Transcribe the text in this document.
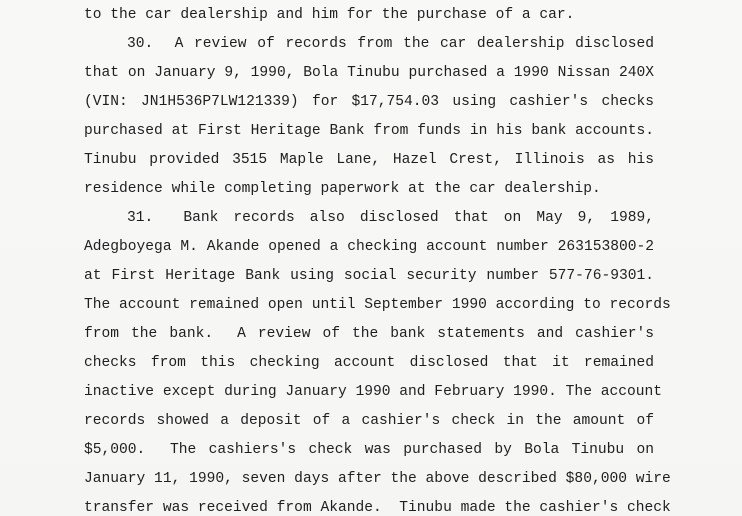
to the car dealership and him for the purchase of a car.
30.  A review of records from the car dealership disclosed
that on January 9, 1990, Bola Tinubu purchased a 1990 Nissan 240X
(VIN: JN1H536P7LW121339) for $17,754.03 using cashier's checks
purchased at First Heritage Bank from funds in his bank accounts.
Tinubu provided 3515 Maple Lane, Hazel Crest, Illinois as his
residence while completing paperwork at the car dealership.
31.  Bank records also disclosed that on May 9, 1989,
Adegboyega M. Akande opened a checking account number 263153800-2
at First Heritage Bank using social security number 577-76-9301.
The account remained open until September 1990 according to records
from the bank.  A review of the bank statements and cashier's
checks from this checking account disclosed that it remained
inactive except during January 1990 and February 1990. The account
records showed a deposit of a cashier's check in the amount of
$5,000.  The cashiers's check was purchased by Bola Tinubu on
January 11, 1990, seven days after the above described $80,000 wire
transfer was received from Akande.  Tinubu made the cashier's check
